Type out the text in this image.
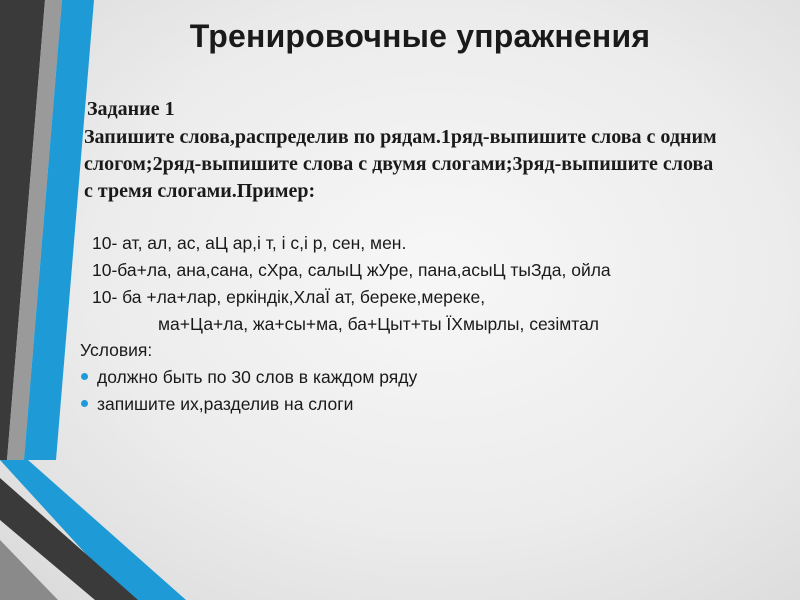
Тренировочные упражнения
Задание 1
Запишите слова,распределив по рядам.1ряд-выпишите слова с одним слогом;2ряд-выпишите слова с двумя слогами;3ряд-выпишите слова с тремя слогами.Пример:
10- ат, ал, ас, аЦ ар,і т, і с,і р, сен, мен.
10-ба+ла, ана,сана, сХра, салыЦ жУре, пана,асыЦ тыЗда, ойла
10- ба +ла+лар, еркіндік,ХлаЇ ат, береке,мереке,
ма+Ца+ла, жа+сы+ма, ба+Цыт+ты ЇХмырлы, сезімтал
Условия:
должно быть по 30 слов в каждом ряду
запишите их,разделив на слоги
